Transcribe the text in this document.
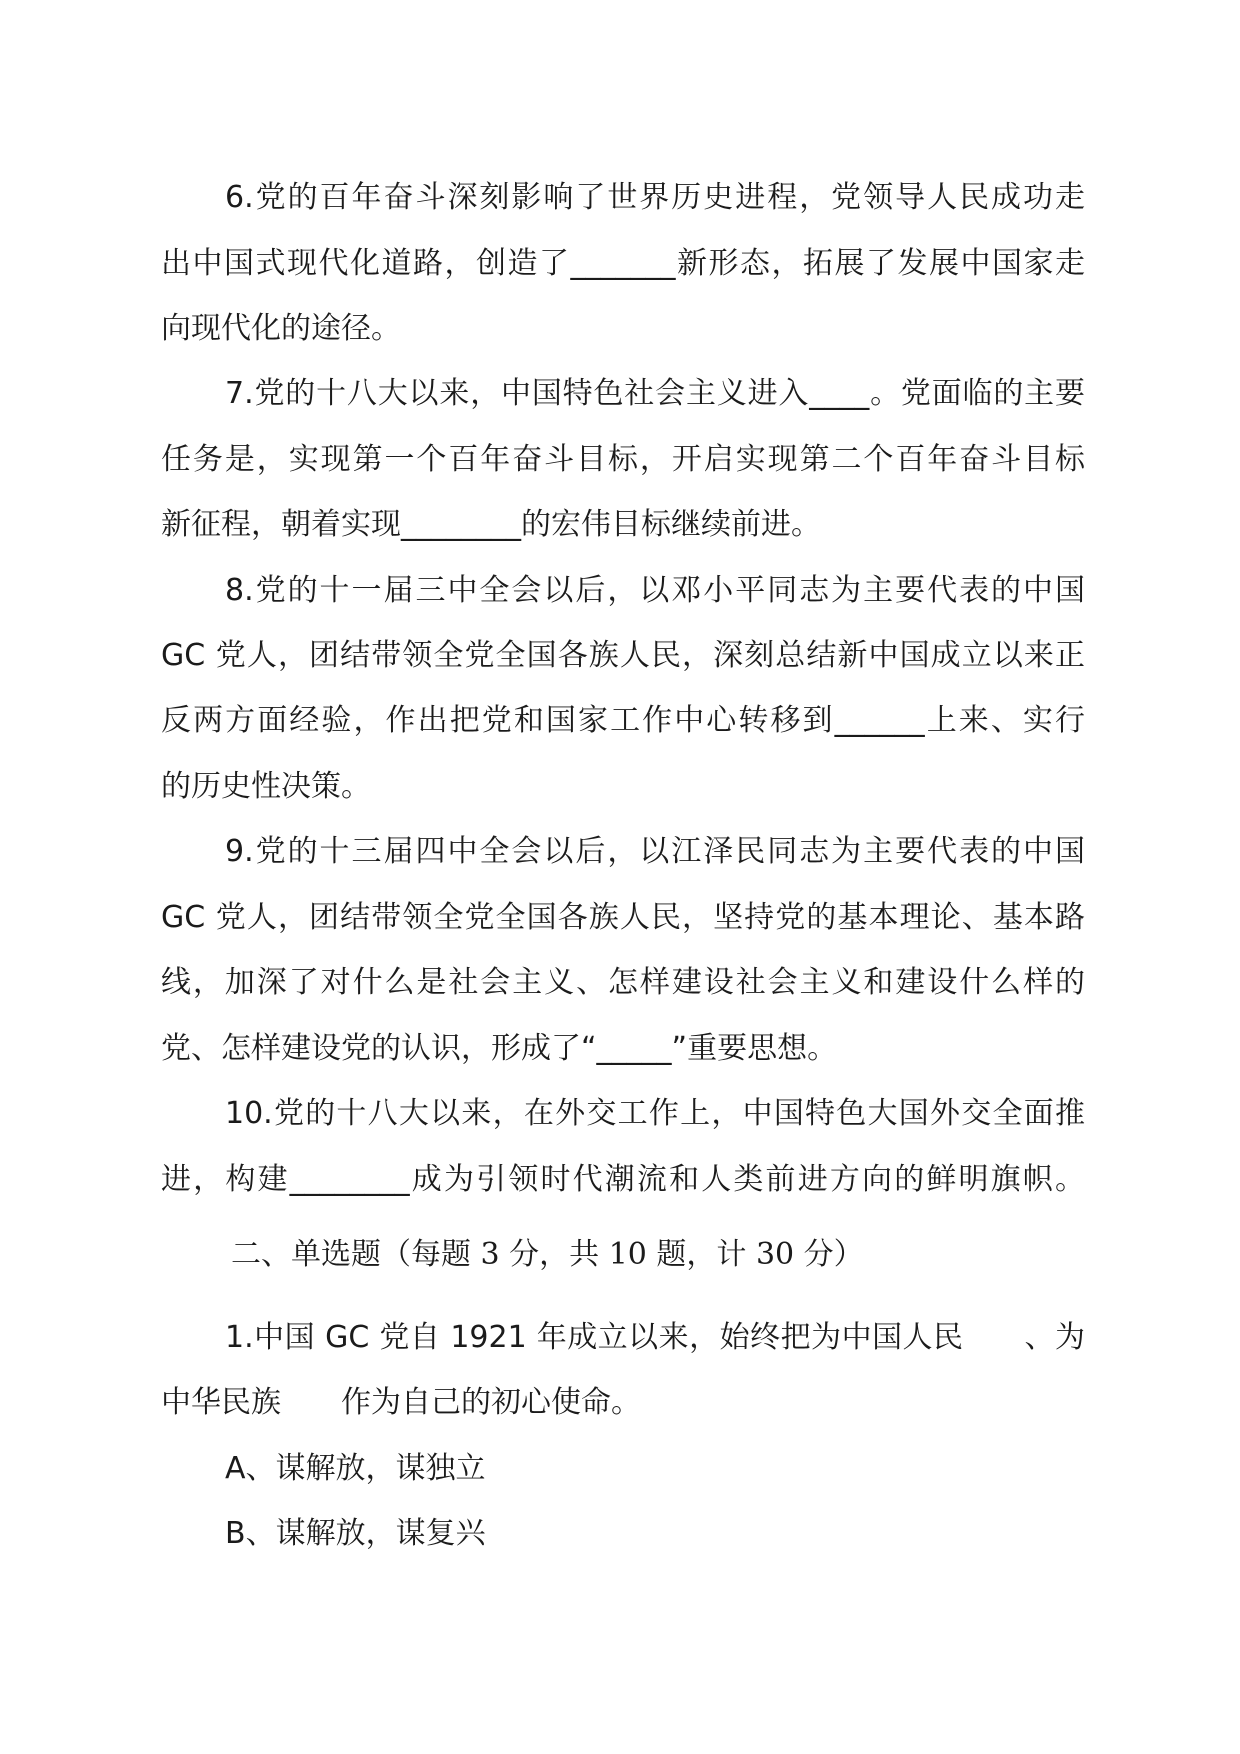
6.党的百年奋斗深刻影响了世界历史进程，党领导人民成功走
出中国式现代化道路，创造了_______新形态，拓展了发展中国家走
向现代化的途径。
7.党的十八大以来，中国特色社会主义进入____。党面临的主要
任务是，实现第一个百年奋斗目标，开启实现第二个百年奋斗目标
新征程，朝着实现________的宏伟目标继续前进。
8.党的十一届三中全会以后，以邓小平同志为主要代表的中国
GC 党人，团结带领全党全国各族人民，深刻总结新中国成立以来正
反两方面经验，作出把党和国家工作中心转移到______上来、实行
的历史性决策。
9.党的十三届四中全会以后，以江泽民同志为主要代表的中国
GC 党人，团结带领全党全国各族人民，坚持党的基本理论、基本路
线，加深了对什么是社会主义、怎样建设社会主义和建设什么样的
党、怎样建设党的认识，形成了“_____”重要思想。
10.党的十八大以来，在外交工作上，中国特色大国外交全面推
进，构建________成为引领时代潮流和人类前进方向的鲜明旗帜。
二、单选题（每题 3 分，共 10 题，计 30 分）
1.中国 GC 党自 1921 年成立以来，始终把为中国人民　　、为
中华民族　　作为自己的初心使命。
A、谋解放，谋独立
B、谋解放，谋复兴
